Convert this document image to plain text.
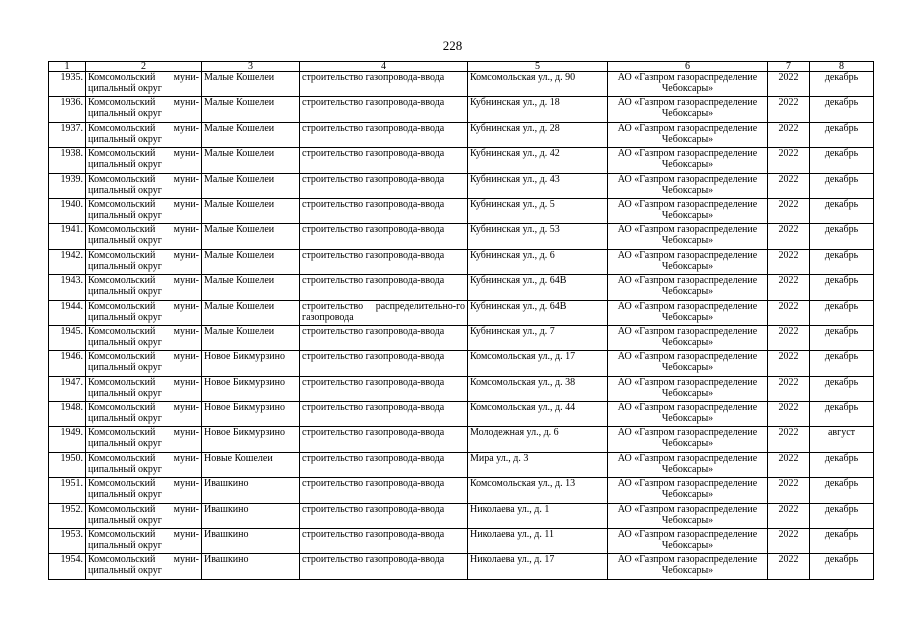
228
1	2	3	4	5	6	7	8
1935.	Комсомольский муни-ципальный округ	Малые Кошелеи	строительство газопровода-ввода	Комсомольская ул., д. 90	АО «Газпром газораспределение Чебоксары»	2022	декабрь
1936.	Комсомольский муни-ципальный округ	Малые Кошелеи	строительство газопровода-ввода	Кубнинская ул., д. 18	АО «Газпром газораспределение Чебоксары»	2022	декабрь
1937.	Комсомольский муни-ципальный округ	Малые Кошелеи	строительство газопровода-ввода	Кубнинская ул., д. 28	АО «Газпром газораспределение Чебоксары»	2022	декабрь
1938.	Комсомольский муни-ципальный округ	Малые Кошелеи	строительство газопровода-ввода	Кубнинская ул., д. 42	АО «Газпром газораспределение Чебоксары»	2022	декабрь
1939.	Комсомольский муни-ципальный округ	Малые Кошелеи	строительство газопровода-ввода	Кубнинская ул., д. 43	АО «Газпром газораспределение Чебоксары»	2022	декабрь
1940.	Комсомольский муни-ципальный округ	Малые Кошелеи	строительство газопровода-ввода	Кубнинская ул., д. 5	АО «Газпром газораспределение Чебоксары»	2022	декабрь
1941.	Комсомольский муни-ципальный округ	Малые Кошелеи	строительство газопровода-ввода	Кубнинская ул., д. 53	АО «Газпром газораспределение Чебоксары»	2022	декабрь
1942.	Комсомольский муни-ципальный округ	Малые Кошелеи	строительство газопровода-ввода	Кубнинская ул., д. 6	АО «Газпром газораспределение Чебоксары»	2022	декабрь
1943.	Комсомольский муни-ципальный округ	Малые Кошелеи	строительство газопровода-ввода	Кубнинская ул., д. 64В	АО «Газпром газораспределение Чебоксары»	2022	декабрь
1944.	Комсомольский муни-ципальный округ	Малые Кошелеи	строительство распределительно-го газопровода	Кубнинская ул., д. 64В	АО «Газпром газораспределение Чебоксары»	2022	декабрь
1945.	Комсомольский муни-ципальный округ	Малые Кошелеи	строительство газопровода-ввода	Кубнинская ул., д. 7	АО «Газпром газораспределение Чебоксары»	2022	декабрь
1946.	Комсомольский муни-ципальный округ	Новое Бикмурзино	строительство газопровода-ввода	Комсомольская ул., д. 17	АО «Газпром газораспределение Чебоксары»	2022	декабрь
1947.	Комсомольский муни-ципальный округ	Новое Бикмурзино	строительство газопровода-ввода	Комсомольская ул., д. 38	АО «Газпром газораспределение Чебоксары»	2022	декабрь
1948.	Комсомольский муни-ципальный округ	Новое Бикмурзино	строительство газопровода-ввода	Комсомольская ул., д. 44	АО «Газпром газораспределение Чебоксары»	2022	декабрь
1949.	Комсомольский муни-ципальный округ	Новое Бикмурзино	строительство газопровода-ввода	Молодежная ул., д. 6	АО «Газпром газораспределение Чебоксары»	2022	август
1950.	Комсомольский муни-ципальный округ	Новые Кошелеи	строительство газопровода-ввода	Мира ул., д. 3	АО «Газпром газораспределение Чебоксары»	2022	декабрь
1951.	Комсомольский муни-ципальный округ	Ивашкино	строительство газопровода-ввода	Комсомольская ул., д. 13	АО «Газпром газораспределение Чебоксары»	2022	декабрь
1952.	Комсомольский муни-ципальный округ	Ивашкино	строительство газопровода-ввода	Николаева ул., д. 1	АО «Газпром газораспределение Чебоксары»	2022	декабрь
1953.	Комсомольский муни-ципальный округ	Ивашкино	строительство газопровода-ввода	Николаева ул., д. 11	АО «Газпром газораспределение Чебоксары»	2022	декабрь
1954.	Комсомольский муни-ципальный округ	Ивашкино	строительство газопровода-ввода	Николаева ул., д. 17	АО «Газпром газораспределение Чебоксары»	2022	декабрь
